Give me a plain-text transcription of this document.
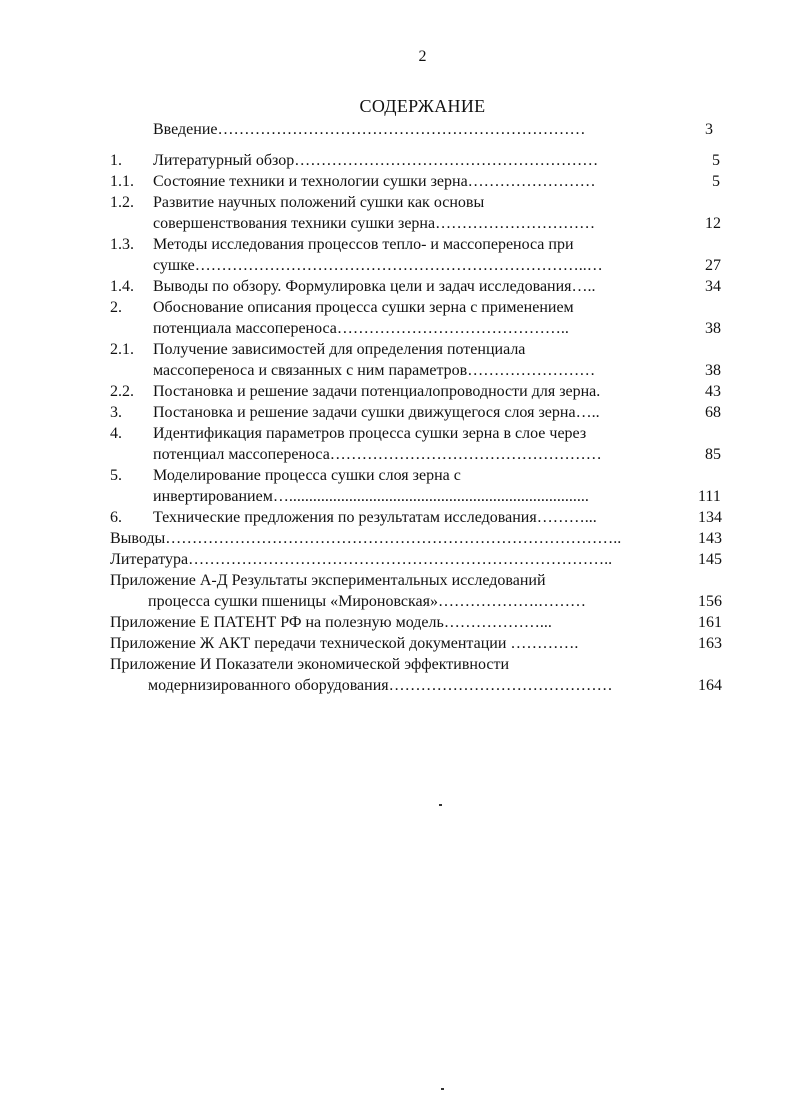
2
СОДЕРЖАНИЕ
Введение……………………………………………………………	3
1. Литературный обзор…………………………………………………	5
1.1. Состояние техники и технологии сушки зерна……………………	5
1.2. Развитие научных положений сушки как основы
совершенствования техники сушки зерна…………………………	12
1.3. Методы исследования процессов тепло- и массопереноса при
сушке………………………………………………………………..…	27
1.4. Выводы по обзору. Формулировка цели и задач исследования…..	34
2. Обоснование описания процесса сушки зерна с применением
потенциала массопереноса……………………………………..	38
2.1. Получение зависимостей для определения потенциала
массопереноса и связанных с ним параметров……………………	38
2.2. Постановка и решение задачи потенциалопроводности для зерна.	43
3. Постановка и решение задачи сушки движущегося слоя зерна…..	68
4. Идентификация параметров процесса сушки зерна в слое через
потенциал массопереноса……………………………………………	85
5. Моделирование процесса сушки слоя зерна с
инвертированием…...........................................................................	111
6. Технические предложения по результатам исследования………...	134
Выводы…………………………………………………………………………..	143
Литература……………………………………………………………………..	145
Приложение А-Д Результаты экспериментальных исследований
процесса сушки пшеницы «Мироновская»……………….………	156
Приложение Е ПАТЕНТ РФ на полезную модель………………...	161
Приложение Ж АКТ передачи технической документации ………….	163
Приложение И Показатели экономической эффективности
модернизированного оборудования……………………………………	164
